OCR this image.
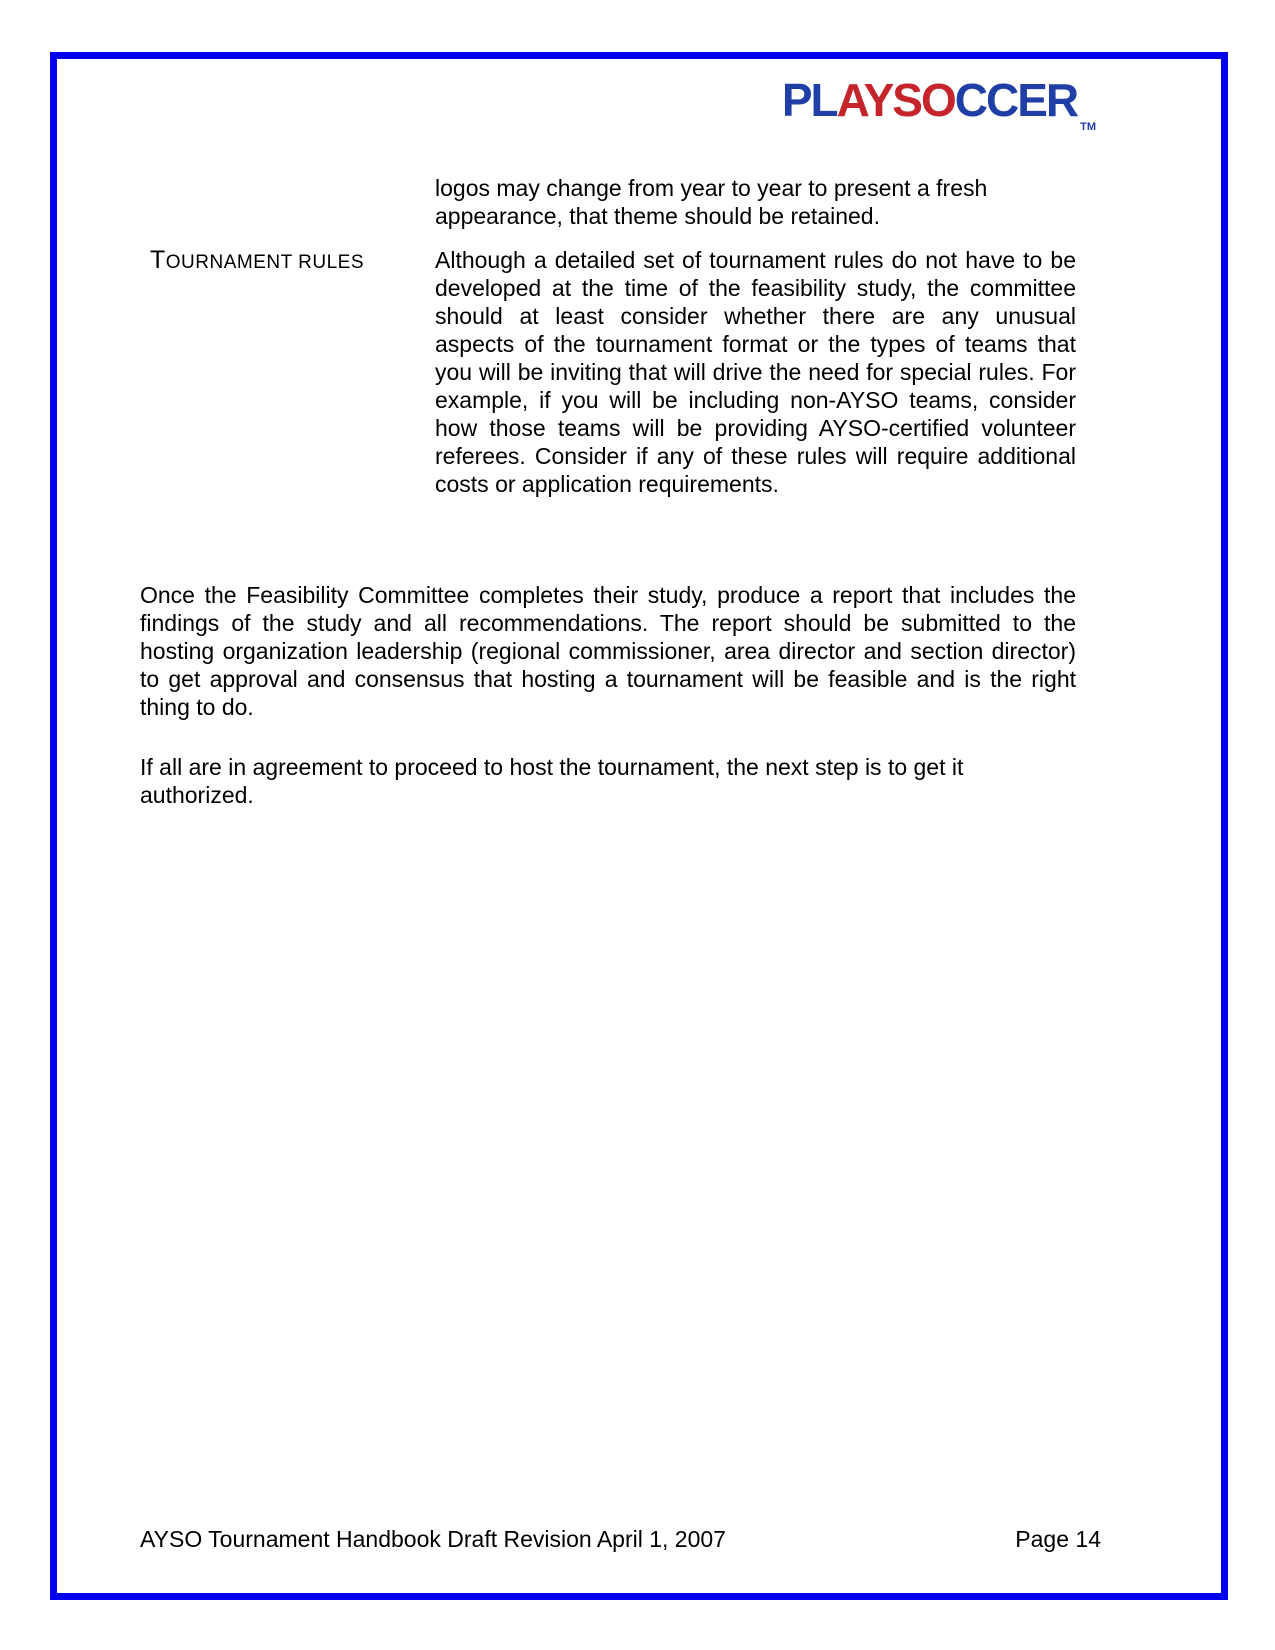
PLAYSOCCERTM
logos may change from year to year to present a fresh appearance, that theme should be retained.
TOURNAMENT RULES	Although a detailed set of tournament rules do not have to be developed at the time of the feasibility study, the committee should at least consider whether there are any unusual aspects of the tournament format or the types of teams that you will be inviting that will drive the need for special rules. For example, if you will be including non-AYSO teams, consider how those teams will be providing AYSO-certified volunteer referees. Consider if any of these rules will require additional costs or application requirements.

Once the Feasibility Committee completes their study, produce a report that includes the findings of the study and all recommendations. The report should be submitted to the hosting organization leadership (regional commissioner, area director and section director) to get approval and consensus that hosting a tournament will be feasible and is the right thing to do.

If all are in agreement to proceed to host the tournament, the next step is to get it authorized.

AYSO Tournament Handbook Draft Revision April 1, 2007	Page 14
